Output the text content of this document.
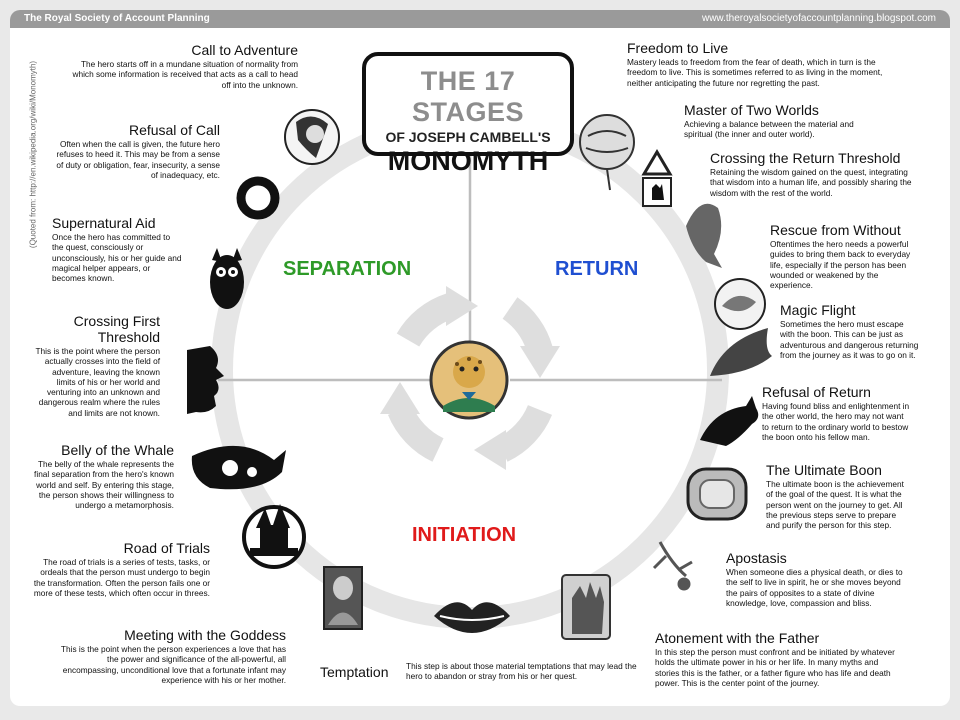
The Royal Society of Account Planning	www.theroyalsocietyofaccountplanning.blogspot.com
(Quoted from: http://en.wikipedia.org/wiki/Monomyth)	THE 17 STAGES
OF JOSEPH CAMBELL'S
MONOMYTH
SEPARATION	RETURN
INITIATION
Call to Adventure
The hero starts off in a mundane situation of normality from which some information is received that acts as a call to head off into the unknown.
Refusal of Call
Often when the call is given, the future hero refuses to heed it. This may be from a sense of duty or obligation, fear, insecurity, a sense of inadequacy, etc.
Supernatural Aid
Once the hero has committed to the quest, consciously or unconsciously, his or her guide and magical helper appears, or becomes known.
Crossing First Threshold
This is the point where the person actually crosses into the field of adventure, leaving the known limits of his or her world and venturing into an unknown and dangerous realm where the rules and limits are not known.
Belly of the Whale
The belly of the whale represents the final separation from the hero's known world and self. By entering this stage, the person shows their willingness to undergo a metamorphosis.
Road of Trials
The road of trials is a series of tests, tasks, or ordeals that the person must undergo to begin the transformation. Often the person fails one or more of these tests, which often occur in threes.
Meeting with the Goddess
This is the point when the person experiences a love that has the power and significance of the all-powerful, all encompassing, unconditional love that a fortunate infant may experience with his or her mother. Temptation	This step is about those material temptations that may lead the hero to abandon or stray from his or her quest.
Atonement with the Father
In this step the person must confront and be initiated by whatever holds the ultimate power in his or her life. In many myths and stories this is the father, or a father figure who has life and death power. This is the center point of the journey.
Apostasis
When someone dies a physical death, or dies to the self to live in spirit, he or she moves beyond the pairs of opposites to a state of divine knowledge, love, compassion and bliss.
The Ultimate Boon
The ultimate boon is the achievement of the goal of the quest. It is what the person went on the journey to get. All the previous steps serve to prepare and purify the person for this step.
Refusal of Return
Having found bliss and enlightenment in the other world, the hero may not want to return to the ordinary world to bestow the boon onto his fellow man.
Magic Flight
Sometimes the hero must escape with the boon. This can be just as adventurous and dangerous returning from the journey as it was to go on it.
Rescue from Without
Oftentimes the hero needs a powerful guides to bring them back to everyday life, especially if the person has been wounded or weakened by the experience.
Crossing the Return Threshold
Retaining the wisdom gained on the quest, integrating that wisdom into a human life, and possibly sharing the wisdom with the rest of the world.
Master of Two Worlds
Achieving a balance between the material and spiritual (the inner and outer world).
Freedom to Live
Mastery leads to freedom from the fear of death, which in turn is the freedom to live. This is sometimes referred to as living in the moment, neither anticipating the future nor regretting the past.
